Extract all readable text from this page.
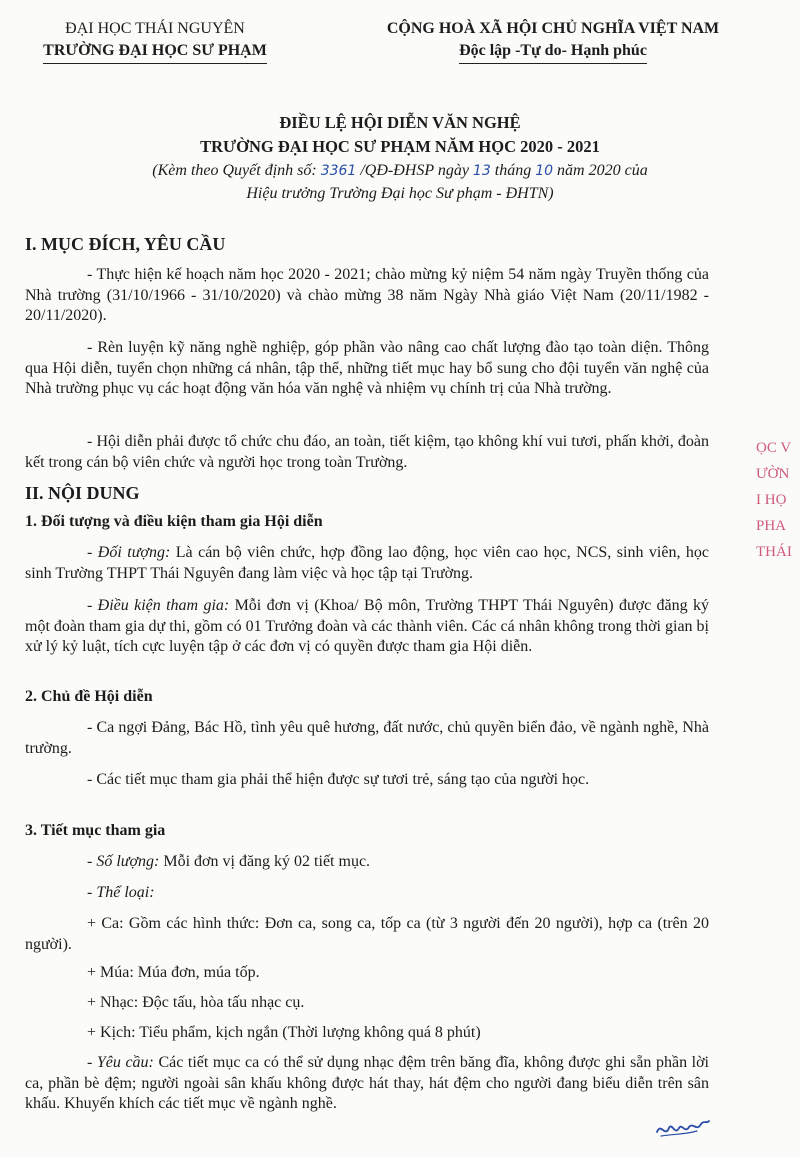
ĐẠI HỌC THÁI NGUYÊN
TRƯỜNG ĐẠI HỌC SƯ PHẠM
CỘNG HOÀ XÃ HỘI CHỦ NGHĨA VIỆT NAM
Độc lập -Tự do- Hạnh phúc
ĐIỀU LỆ HỘI DIỄN VĂN NGHỆ
TRƯỜNG ĐẠI HỌC SƯ PHẠM NĂM HỌC 2020 - 2021
(Kèm theo Quyết định số: 3361 /QĐ-ĐHSP ngày 13 tháng 10 năm 2020 của
Hiệu trưởng Trường Đại học Sư phạm - ĐHTN)
I. MỤC ĐÍCH, YÊU CẦU
- Thực hiện kế hoạch năm học 2020 - 2021; chào mừng kỷ niệm 54 năm ngày Truyền thống của Nhà trường (31/10/1966 - 31/10/2020) và chào mừng 38 năm Ngày Nhà giáo Việt Nam (20/11/1982 - 20/11/2020).
- Rèn luyện kỹ năng nghề nghiệp, góp phần vào nâng cao chất lượng đào tạo toàn diện. Thông qua Hội diễn, tuyển chọn những cá nhân, tập thể, những tiết mục hay bổ sung cho đội tuyển văn nghệ của Nhà trường phục vụ các hoạt động văn hóa văn nghệ và nhiệm vụ chính trị của Nhà trường.
- Hội diễn phải được tổ chức chu đáo, an toàn, tiết kiệm, tạo không khí vui tươi, phấn khởi, đoàn kết trong cán bộ viên chức và người học trong toàn Trường.
II. NỘI DUNG
1. Đối tượng và điều kiện tham gia Hội diễn
- Đối tượng: Là cán bộ viên chức, hợp đồng lao động, học viên cao học, NCS, sinh viên, học sinh Trường THPT Thái Nguyên đang làm việc và học tập tại Trường.
- Điều kiện tham gia: Mỗi đơn vị (Khoa/ Bộ môn, Trường THPT Thái Nguyên) được đăng ký một đoàn tham gia dự thi, gồm có 01 Trưởng đoàn và các thành viên. Các cá nhân không trong thời gian bị xử lý kỷ luật, tích cực luyện tập ở các đơn vị có quyền được tham gia Hội diễn.
2. Chủ đề Hội diễn
- Ca ngợi Đảng, Bác Hồ, tình yêu quê hương, đất nước, chủ quyền biển đảo, về ngành nghề, Nhà trường.
- Các tiết mục tham gia phải thể hiện được sự tươi trẻ, sáng tạo của người học.
3. Tiết mục tham gia
- Số lượng: Mỗi đơn vị đăng ký 02 tiết mục.
- Thể loại:
+ Ca: Gồm các hình thức: Đơn ca, song ca, tốp ca (từ 3 người đến 20 người), hợp ca (trên 20 người).
+ Múa: Múa đơn, múa tốp.
+ Nhạc: Độc tấu, hòa tấu nhạc cụ.
+ Kịch: Tiểu phẩm, kịch ngắn (Thời lượng không quá 8 phút)
- Yêu cầu: Các tiết mục ca có thể sử dụng nhạc đệm trên băng đĩa, không được ghi sẵn phần lời ca, phần bè đệm; người ngoài sân khấu không được hát thay, hát đệm cho người đang biểu diễn trên sân khấu. Khuyến khích các tiết mục về ngành nghề.
ỌC V
ƯỜN
I HỌ
PHA
THÁI
